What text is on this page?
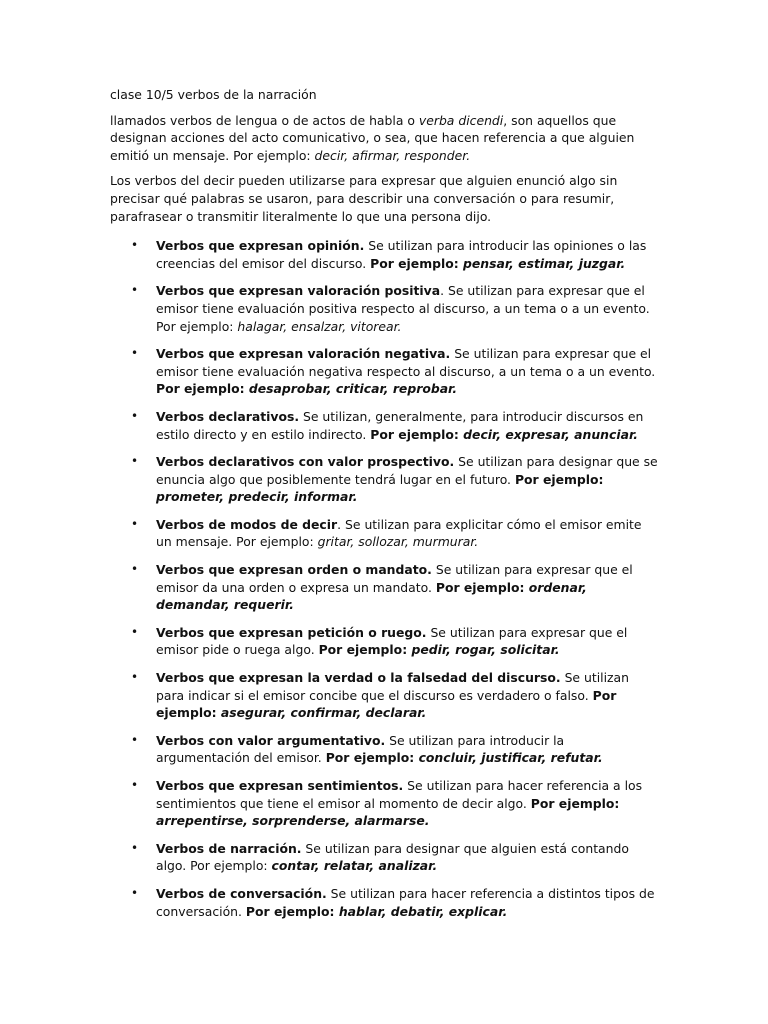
clase 10/5 verbos de la narración

llamados verbos de lengua o de actos de habla o verba dicendi, son aquellos que designan acciones del acto comunicativo, o sea, que hacen referencia a que alguien emitió un mensaje. Por ejemplo: decir, afirmar, responder.

Los verbos del decir pueden utilizarse para expresar que alguien enunció algo sin precisar qué palabras se usaron, para describir una conversación o para resumir, parafrasear o transmitir literalmente lo que una persona dijo.

• Verbos que expresan opinión. Se utilizan para introducir las opiniones o las creencias del emisor del discurso. Por ejemplo: pensar, estimar, juzgar.
• Verbos que expresan valoración positiva. Se utilizan para expresar que el emisor tiene evaluación positiva respecto al discurso, a un tema o a un evento. Por ejemplo: halagar, ensalzar, vitorear.
• Verbos que expresan valoración negativa. Se utilizan para expresar que el emisor tiene evaluación negativa respecto al discurso, a un tema o a un evento. Por ejemplo: desaprobar, criticar, reprobar.
• Verbos declarativos. Se utilizan, generalmente, para introducir discursos en estilo directo y en estilo indirecto. Por ejemplo: decir, expresar, anunciar.
• Verbos declarativos con valor prospectivo. Se utilizan para designar que se enuncia algo que posiblemente tendrá lugar en el futuro. Por ejemplo: prometer, predecir, informar.
• Verbos de modos de decir. Se utilizan para explicitar cómo el emisor emite un mensaje. Por ejemplo: gritar, sollozar, murmurar.
• Verbos que expresan orden o mandato. Se utilizan para expresar que el emisor da una orden o expresa un mandato. Por ejemplo: ordenar, demandar, requerir.
• Verbos que expresan petición o ruego. Se utilizan para expresar que el emisor pide o ruega algo. Por ejemplo: pedir, rogar, solicitar.
• Verbos que expresan la verdad o la falsedad del discurso. Se utilizan para indicar si el emisor concibe que el discurso es verdadero o falso. Por ejemplo: asegurar, confirmar, declarar.
• Verbos con valor argumentativo. Se utilizan para introducir la argumentación del emisor. Por ejemplo: concluir, justificar, refutar.
• Verbos que expresan sentimientos. Se utilizan para hacer referencia a los sentimientos que tiene el emisor al momento de decir algo. Por ejemplo: arrepentirse, sorprenderse, alarmarse.
• Verbos de narración. Se utilizan para designar que alguien está contando algo. Por ejemplo: contar, relatar, analizar.
• Verbos de conversación. Se utilizan para hacer referencia a distintos tipos de conversación. Por ejemplo: hablar, debatir, explicar.
